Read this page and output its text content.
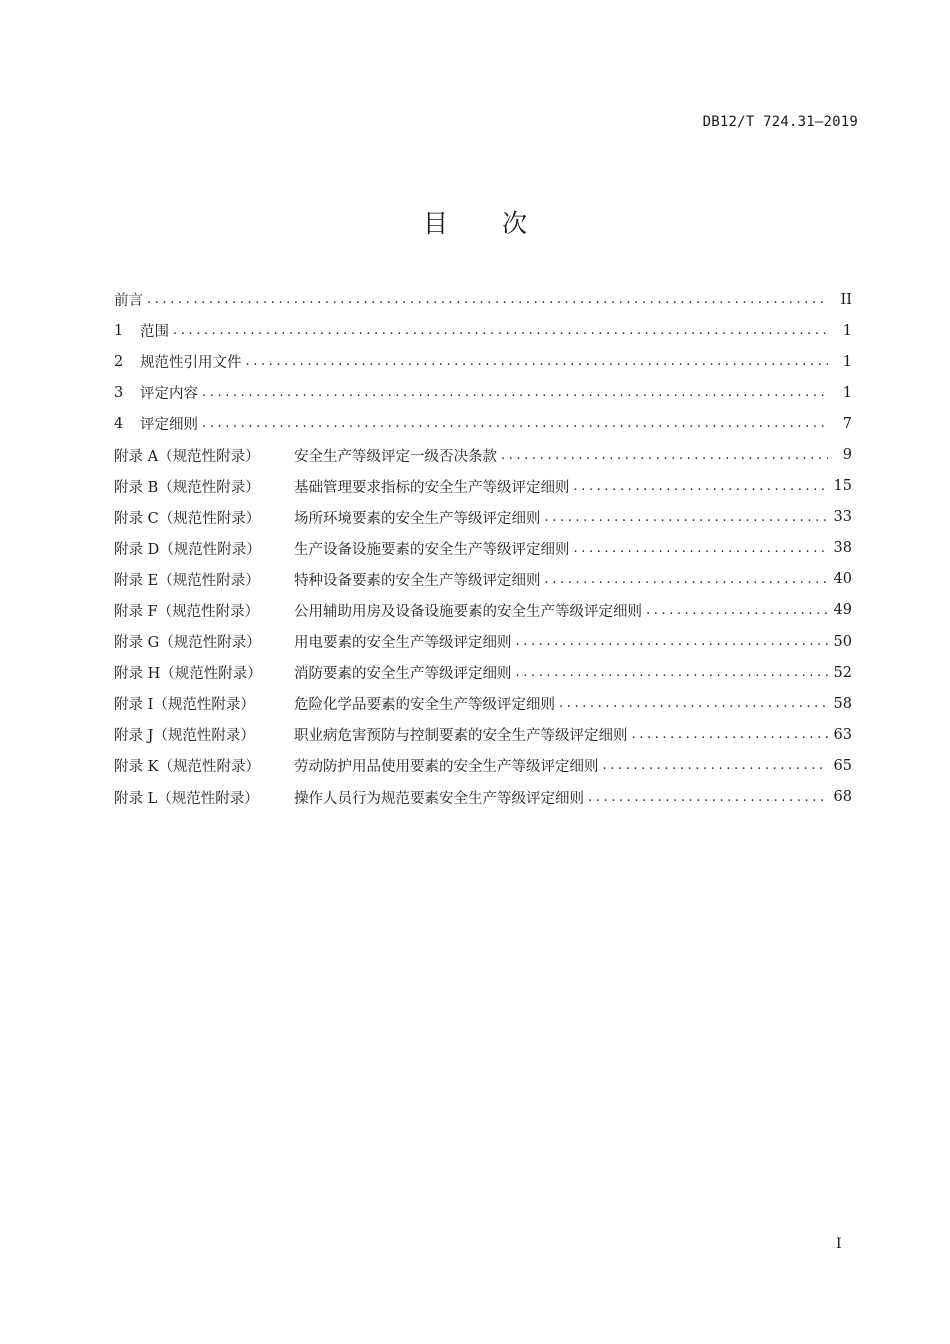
DB12/T 724.31—2019
目 次
前言 .....	II
1	范围 .....	1
2	规范性引用文件 .....	1
3	评定内容 .....	1
4	评定细则 .....	7
附录 A（规范性附录）	安全生产等级评定一级否决条款 .....	9
附录 B（规范性附录）	基础管理要求指标的安全生产等级评定细则 .....	15
附录 C（规范性附录）	场所环境要素的安全生产等级评定细则 .....	33
附录 D（规范性附录）	生产设备设施要素的安全生产等级评定细则 .....	38
附录 E（规范性附录）	特种设备要素的安全生产等级评定细则 .....	40
附录 F（规范性附录）	公用辅助用房及设备设施要素的安全生产等级评定细则 .....	49
附录 G（规范性附录）	用电要素的安全生产等级评定细则 .....	50
附录 H（规范性附录）	消防要素的安全生产等级评定细则 .....	52
附录 I（规范性附录）	危险化学品要素的安全生产等级评定细则 .....	58
附录 J（规范性附录）	职业病危害预防与控制要素的安全生产等级评定细则 .....	63
附录 K（规范性附录）	劳动防护用品使用要素的安全生产等级评定细则 .....	65
附录 L（规范性附录）	操作人员行为规范要素安全生产等级评定细则 .....	68
I
